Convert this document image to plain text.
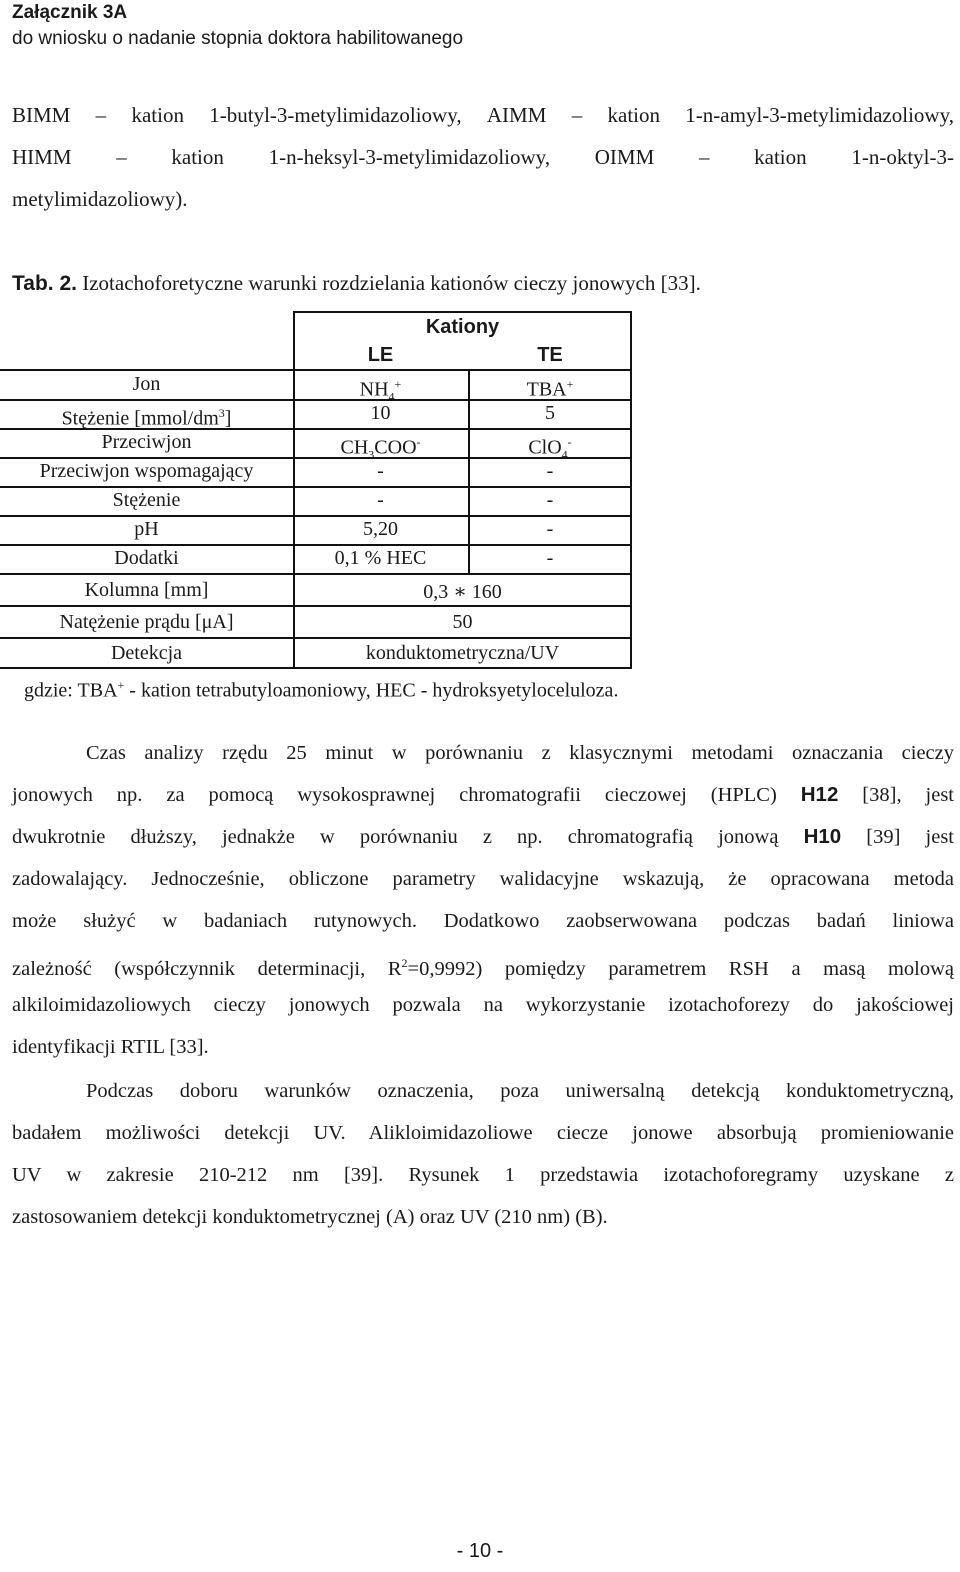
Załącznik 3A
do wniosku o nadanie stopnia doktora habilitowanego
BIMM – kation 1-butyl-3-metylimidazoliowy, AIMM – kation 1-n-amyl-3-metylimidazoliowy,
HIMM – kation 1-n-heksyl-3-metylimidazoliowy, OIMM – kation 1-n-oktyl-3-
metylimidazoliowy).
Tab. 2. Izotachoforetyczne warunki rozdzielania kationów cieczy jonowych [33].
Kationy
LE	TE
Jon	$NH_4^+$	TBA+
Stężenie $[mmol/dm^3]$	10	5
Przeciwjon	$CH_3COO^-$	ClO$_4$-
Przeciwjon wspomagający	-	-
Stężenie	-	-
pH	5,20	-
Dodatki	0,1 % HEC	-
Kolumna [mm]	0,3 ∗ 160
Natężenie prądu [μA]	50
Detekcja	konduktometryczna/UV
gdzie: TBA+ - kation tetrabutyloamoniowy, HEC - hydroksyetyloceluloza.
Czas analizy rzędu 25 minut w porównaniu z klasycznymi metodami oznaczania cieczy
jonowych np. za pomocą wysokosprawnej chromatografii cieczowej (HPLC) H12 [38], jest
dwukrotnie dłuższy, jednakże w porównaniu z np. chromatografią jonową H10 [39] jest
zadowalający. Jednocześnie, obliczone parametry walidacyjne wskazują, że opracowana metoda
może służyć w badaniach rutynowych. Dodatkowo zaobserwowana podczas badań liniowa
zależność (współczynnik determinacji, $R^2=0,9992$) pomiędzy parametrem RSH a masą molową
alkiloimidazoliowych cieczy jonowych pozwala na wykorzystanie izotachoforezy do jakościowej
identyfikacji RTIL [33].
Podczas doboru warunków oznaczenia, poza uniwersalną detekcją konduktometryczną,
badałem możliwości detekcji UV. Alikloimidazoliowe ciecze jonowe absorbują promieniowanie
UV w zakresie 210-212 nm [39]. Rysunek 1 przedstawia izotachoforegramy uzyskane z
zastosowaniem detekcji konduktometrycznej (A) oraz UV (210 nm) (B).
- 10 -
